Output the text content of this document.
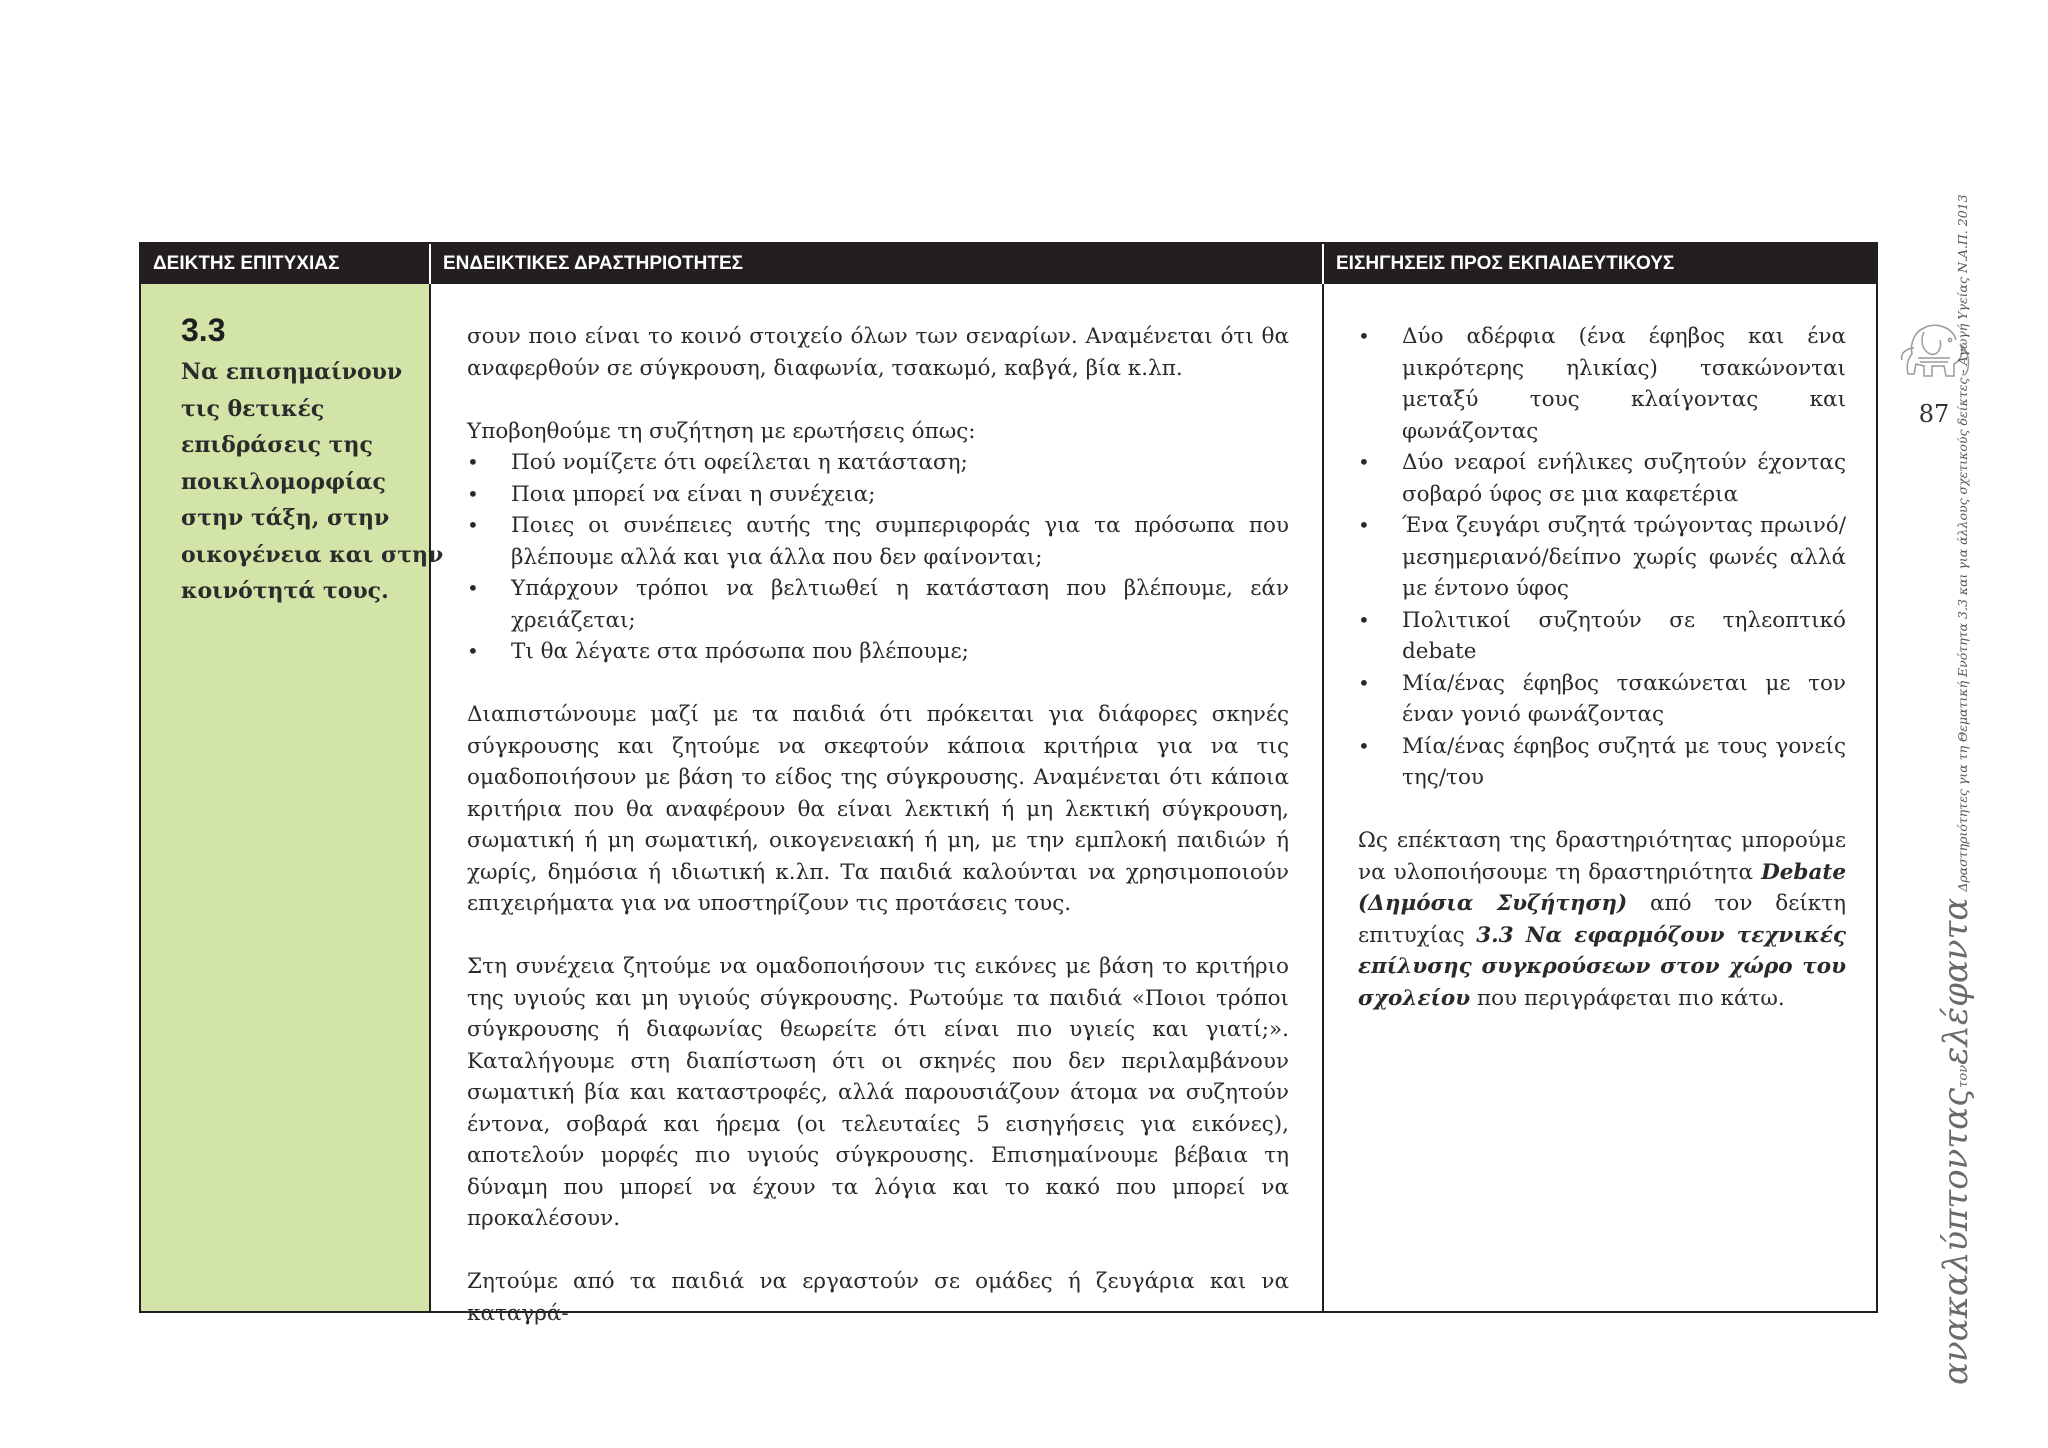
ΔΕΙΚΤΗΣ ΕΠΙΤΥΧΙΑΣ	ΕΝΔΕΙΚΤΙΚΕΣ ΔΡΑΣΤΗΡΙΟΤΗΤΕΣ	ΕΙΣΗΓΗΣΕΙΣ ΠΡΟΣ ΕΚΠΑΙΔΕΥΤΙΚΟΥΣ
3.3
Να επισημαίνουν
τις θετικές
επιδράσεις της
ποικιλομορφίας
στην τάξη, στην
οικογένεια και στην
κοινότητά τους.

σουν ποιο είναι το κοινό στοιχείο όλων των σεναρίων. Αναμένεται ότι θα αναφερθούν σε σύγκρουση, διαφωνία, τσακωμό, καβγά, βία κ.λπ.

Υποβοηθούμε τη συζήτηση με ερωτήσεις όπως:

• Πού νομίζετε ότι οφείλεται η κατάσταση;
• Ποια μπορεί να είναι η συνέχεια;
• Ποιες οι συνέπειες αυτής της συμπεριφοράς για τα πρόσωπα που βλέπουμε αλλά και για άλλα που δεν φαίνονται;
• Υπάρχουν τρόποι να βελτιωθεί η κατάσταση που βλέπουμε, εάν χρειάζεται;
• Τι θα λέγατε στα πρόσωπα που βλέπουμε;

Διαπιστώνουμε μαζί με τα παιδιά ότι πρόκειται για διάφορες σκηνές σύγκρουσης και ζητούμε να σκεφτούν κάποια κριτήρια για να τις ομαδοποιήσουν με βάση το είδος της σύγκρουσης. Αναμένεται ότι κάποια κριτήρια που θα αναφέρουν θα είναι λεκτική ή μη λεκτική σύγκρουση, σωματική ή μη σωματική, οικογενειακή ή μη, με την εμπλοκή παιδιών ή χωρίς, δημόσια ή ιδιωτική κ.λπ. Τα παιδιά καλούνται να χρησιμοποιούν επιχειρήματα για να υποστηρίζουν τις προτάσεις τους.

Στη συνέχεια ζητούμε να ομαδοποιήσουν τις εικόνες με βάση το κριτήριο της υγιούς και μη υγιούς σύγκρουσης. Ρωτούμε τα παιδιά «Ποιοι τρόποι σύγκρουσης ή διαφωνίας θεωρείτε ότι είναι πιο υγιείς και γιατί;». Καταλήγουμε στη διαπίστωση ότι οι σκηνές που δεν περιλαμβάνουν σωματική βία και καταστροφές, αλλά παρουσιάζουν άτομα να συζητούν έντονα, σοβαρά και ήρεμα (οι τελευταίες 5 εισηγήσεις για εικόνες), αποτελούν μορφές πιο υγιούς σύγκρουσης. Επισημαίνουμε βέβαια τη δύναμη που μπορεί να έχουν τα λόγια και το κακό που μπορεί να προκαλέσουν.

Ζητούμε από τα παιδιά να εργαστούν σε ομάδες ή ζευγάρια και να καταγρά-

• Δύο αδέρφια (ένα έφηβος και ένα μικρότερης ηλικίας) τσακώνονται μεταξύ τους κλαίγοντας και φωνάζοντας
• Δύο νεαροί ενήλικες συζητούν έχοντας σοβαρό ύφος σε μια καφετέρια
• Ένα ζευγάρι συζητά τρώγοντας πρωινό/μεσημεριανό/δείπνο χωρίς φωνές αλλά με έντονο ύφος
• Πολιτικοί συζητούν σε τηλεοπτικό debate
• Μία/ένας έφηβος τσακώνεται με τον έναν γονιό φωνάζοντας
• Μία/ένας έφηβος συζητά με τους γονείς της/του

Ως επέκταση της δραστηριότητας μπορούμε να υλοποιήσουμε τη δραστηριότητα Debate (Δημόσια Συζήτηση) από τον δείκτη επιτυχίας 3.3 Να εφαρμόζουν τεχνικές επίλυσης συγκρούσεων στον χώρο του σχολείου που περιγράφεται πιο κάτω.

87
ανακαλύπτονταςτονελέφανταΔραστηριότητες για τη Θεματική Ενότητα 3.3 και για άλλους σχετικούς δείκτες - Αγωγή Υγείας Ν.Α.Π. 2013
